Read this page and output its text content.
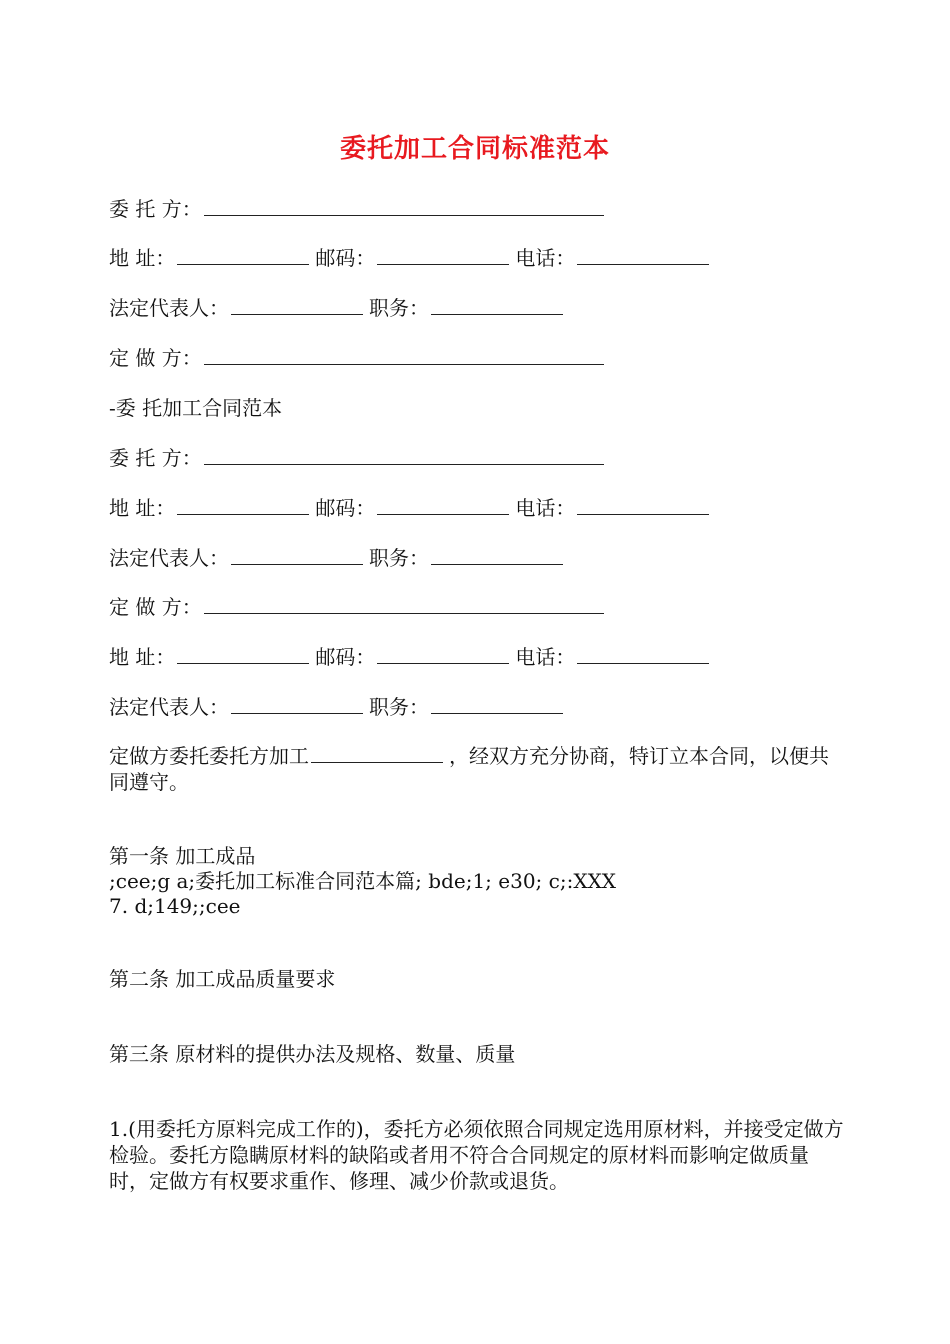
委托加工合同标准范本
委 托 方：
地 址：	邮码：	电话：
法定代表人：	职务：
定 做 方：
-委 托加工合同范本
委 托 方：
地 址：	邮码：	电话：
法定代表人：	职务：
定 做 方：
地 址：	邮码：	电话：
法定代表人：	职务：
定做方委托委托方加工	，经双方充分协商，特订立本合同，以便共同遵守。
第一条 加工成品
;cee;g a;委托加工标准合同范本篇; bde;1; e30; c;:XXX
7. d;149;;cee
第二条 加工成品质量要求
第三条 原材料的提供办法及规格、数量、质量
1.(用委托方原料完成工作的)，委托方必须依照合同规定选用原材料，并接受定做方检验。委托方隐瞒原材料的缺陷或者用不符合合同规定的原材料而影响定做质量时，定做方有权要求重作、修理、减少价款或退货。
